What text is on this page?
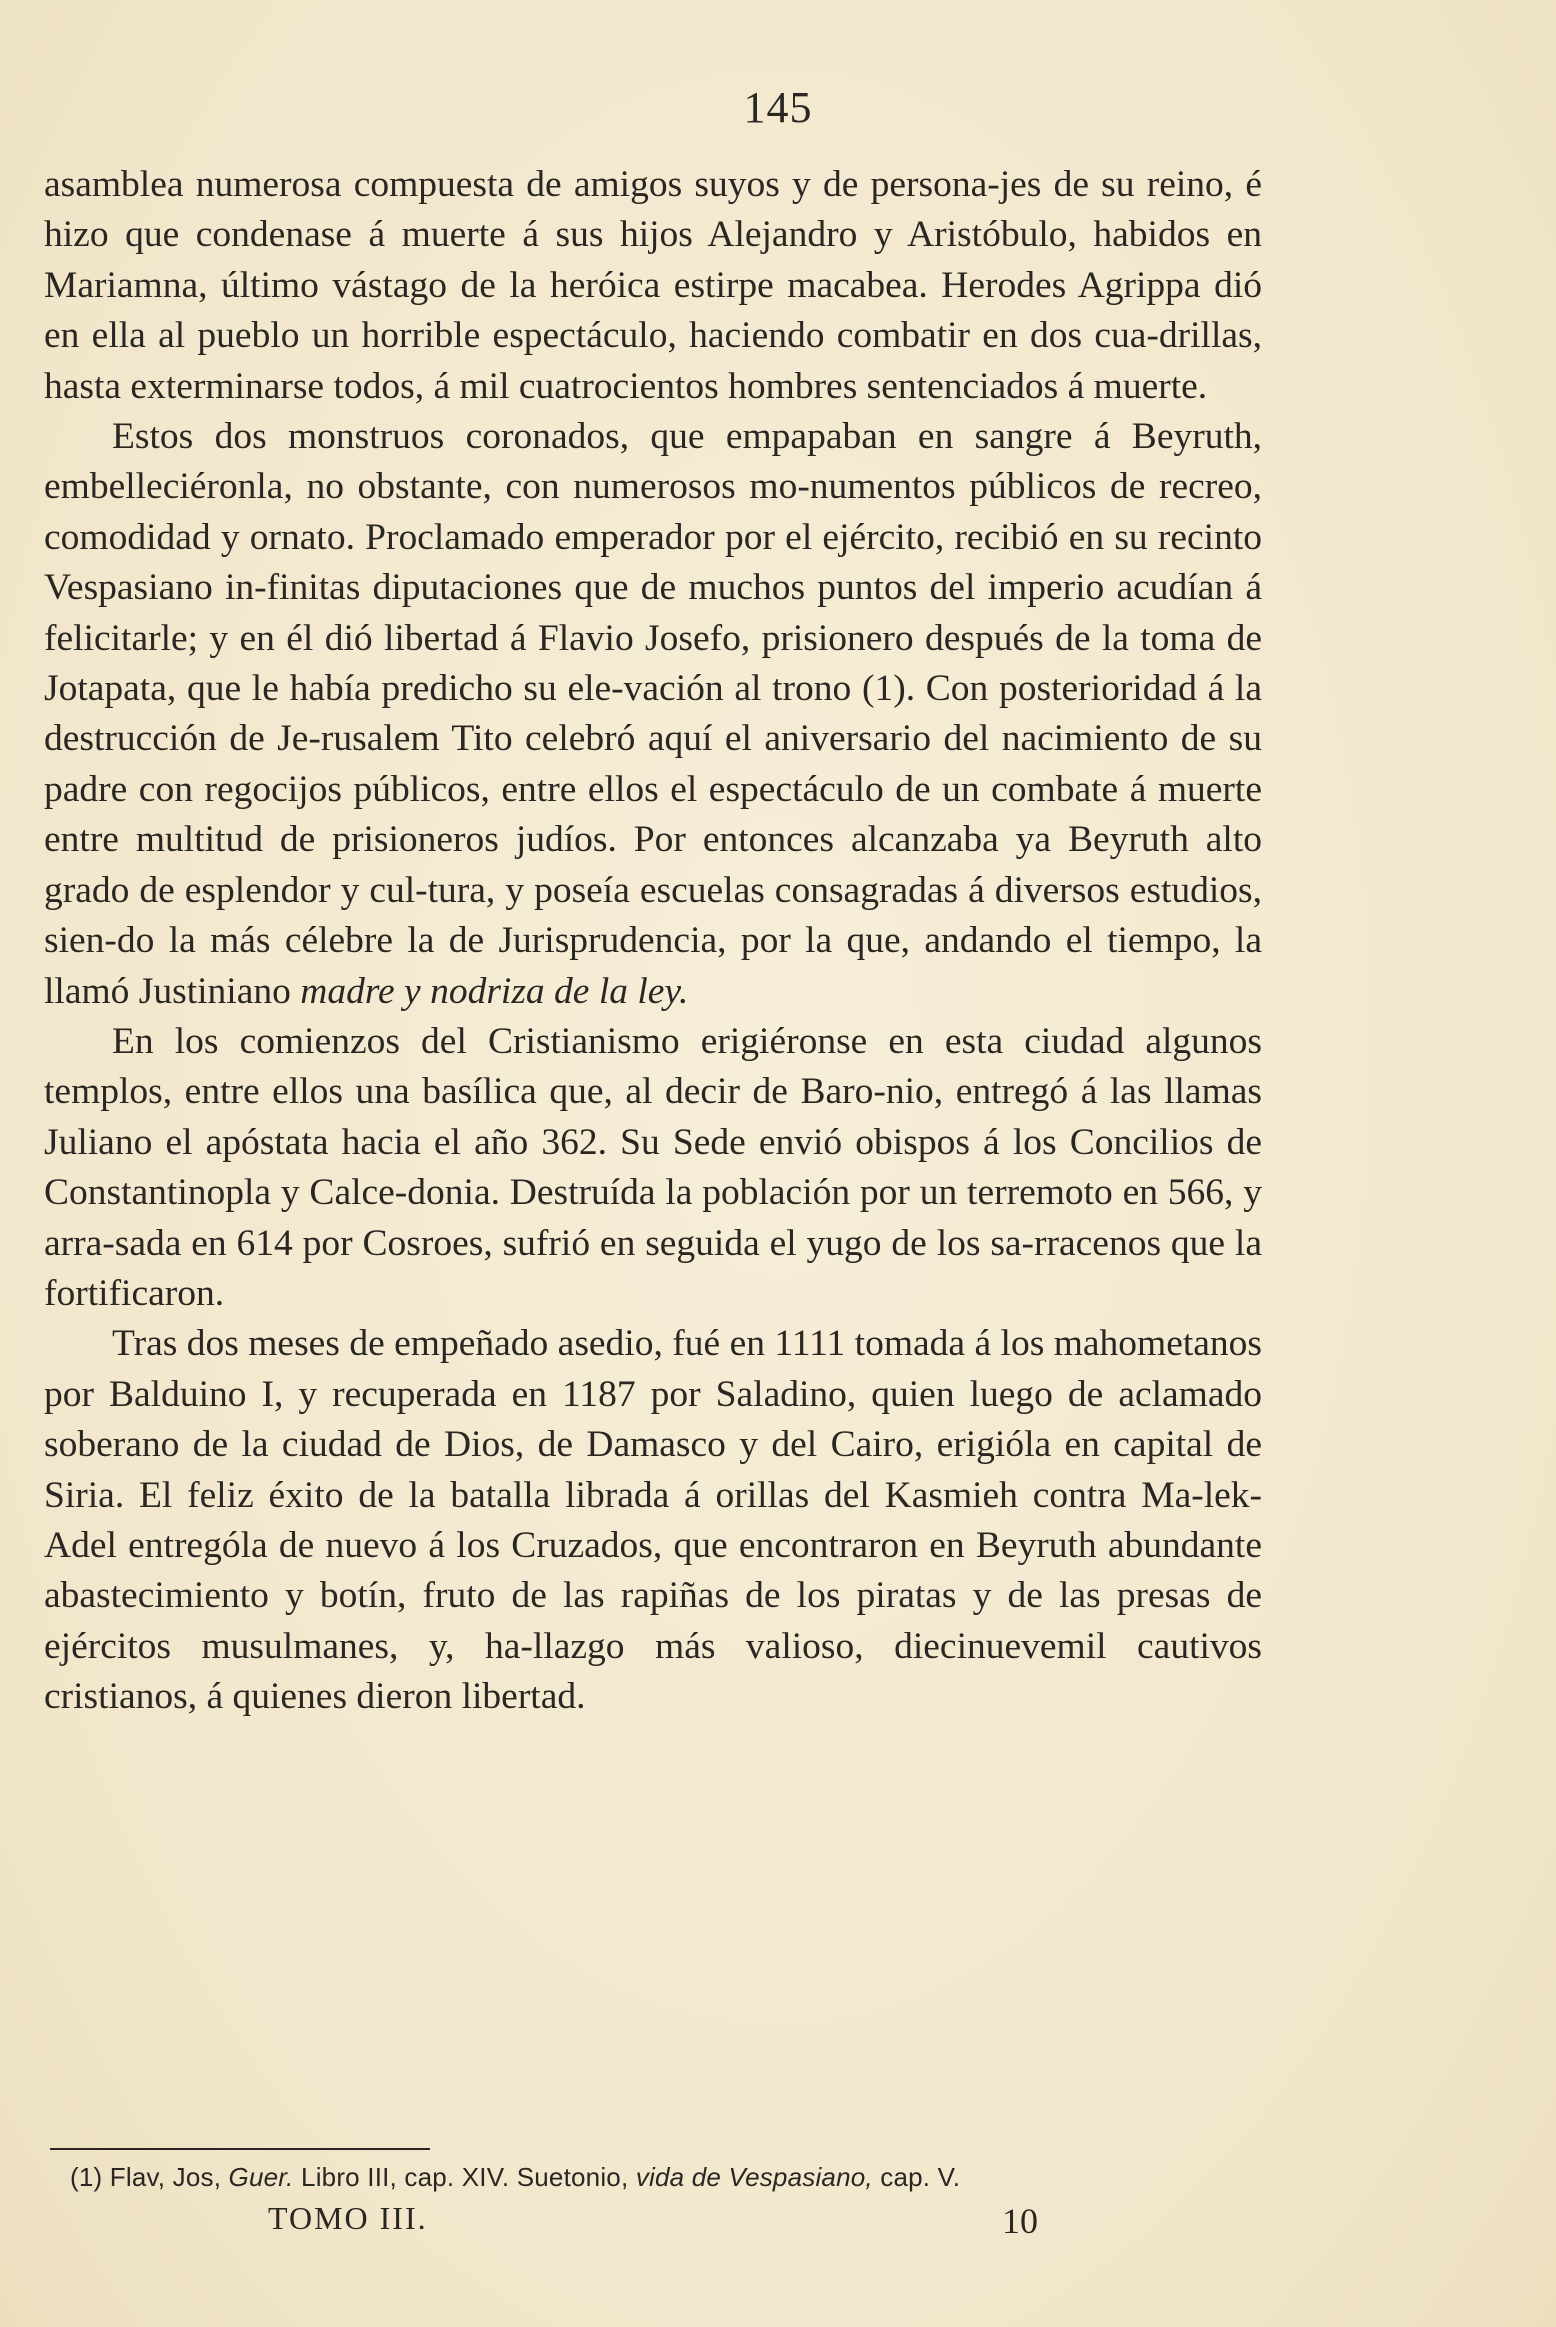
145

asamblea numerosa compuesta de amigos suyos y de persona-jes de su reino, é hizo que condenase á muerte á sus hijos Alejandro y Aristóbulo, habidos en Mariamna, último vástago de la heróica estirpe macabea. Herodes Agrippa dió en ella al pueblo un horrible espectáculo, haciendo combatir en dos cua-drillas, hasta exterminarse todos, á mil cuatrocientos hombres sentenciados á muerte.

Estos dos monstruos coronados, que empapaban en sangre á Beyruth, embelleciéronla, no obstante, con numerosos mo-numentos públicos de recreo, comodidad y ornato. Proclamado emperador por el ejército, recibió en su recinto Vespasiano in-finitas diputaciones que de muchos puntos del imperio acudían á felicitarle; y en él dió libertad á Flavio Josefo, prisionero después de la toma de Jotapata, que le había predicho su ele-vación al trono (1). Con posterioridad á la destrucción de Je-rusalem Tito celebró aquí el aniversario del nacimiento de su padre con regocijos públicos, entre ellos el espectáculo de un combate á muerte entre multitud de prisioneros judíos. Por entonces alcanzaba ya Beyruth alto grado de esplendor y cul-tura, y poseía escuelas consagradas á diversos estudios, sien-do la más célebre la de Jurisprudencia, por la que, andando el tiempo, la llamó Justiniano madre y nodriza de la ley.

En los comienzos del Cristianismo erigiéronse en esta ciudad algunos templos, entre ellos una basílica que, al decir de Baro-nio, entregó á las llamas Juliano el apóstata hacia el año 362. Su Sede envió obispos á los Concilios de Constantinopla y Calce-donia. Destruída la población por un terremoto en 566, y arra-sada en 614 por Cosroes, sufrió en seguida el yugo de los sa-rracenos que la fortificaron.

Tras dos meses de empeñado asedio, fué en 1111 tomada á los mahometanos por Balduino I, y recuperada en 1187 por Saladino, quien luego de aclamado soberano de la ciudad de Dios, de Damasco y del Cairo, erigióla en capital de Siria. El feliz éxito de la batalla librada á orillas del Kasmieh contra Ma-lek-Adel entrególa de nuevo á los Cruzados, que encontraron en Beyruth abundante abastecimiento y botín, fruto de las rapiñas de los piratas y de las presas de ejércitos musulmanes, y, ha-llazgo más valioso, diecinuevemil cautivos cristianos, á quienes dieron libertad.

(1) Flav, Jos, Guer. Libro III, cap. XIV. Suetonio, vida de Vespasiano, cap. V.
TOMO III.	10
